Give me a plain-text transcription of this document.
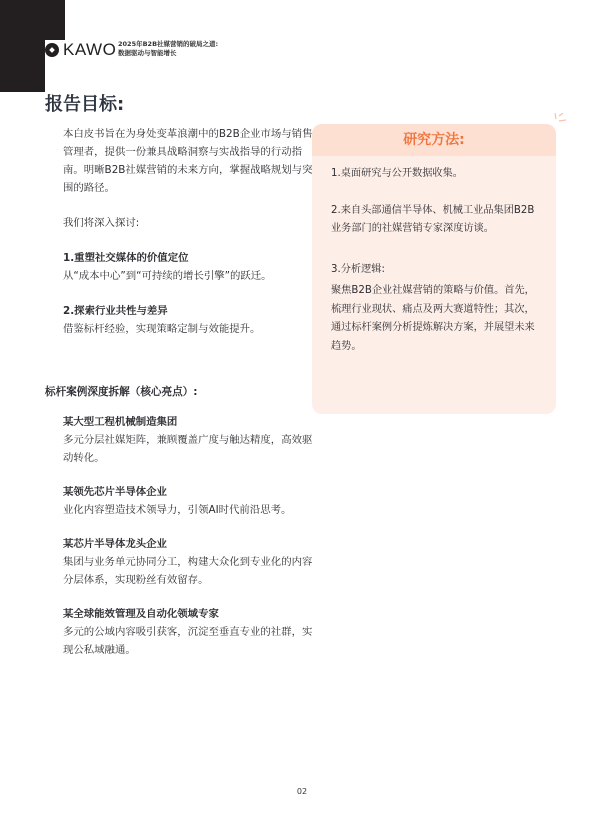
KAWO 2025年B2B社媒营销的破局之道:
数据驱动与智能增长
报告目标:

本白皮书旨在为身处变革浪潮中的B2B企业市场与销售管理者，提供一份兼具战略洞察与实战指导的行动指南。明晰B2B社媒营销的未来方向，掌握战略规划与突围的路径。

我们将深入探讨:

1.重塑社交媒体的价值定位

从“成本中心”到“可持续的增长引擎”的跃迁。

2.探索行业共性与差异

借鉴标杆经验，实现策略定制与效能提升。

标杆案例深度拆解（核心亮点）:
某大型工程机械制造集团
多元分层社媒矩阵，兼顾覆盖广度与触达精度，高效驱动转化。
某领先芯片半导体企业
业化内容塑造技术领导力，引领AI时代前沿思考。
某芯片半导体龙头企业
集团与业务单元协同分工，构建大众化到专业化的内容分层体系，实现粉丝有效留存。
某全球能效管理及自动化领域专家
多元的公域内容吸引获客，沉淀至垂直专业的社群，实现公私域融通。
研究方法:

1.桌面研究与公开数据收集。

2.来自头部通信半导体、机械工业品集团B2B业务部门的社媒营销专家深度访谈。

3.分析逻辑:

聚焦B2B企业社媒营销的策略与价值。首先，梳理行业现状、痛点及两大赛道特性；其次，通过标杆案例分析提炼解决方案，并展望未来趋势。

02
